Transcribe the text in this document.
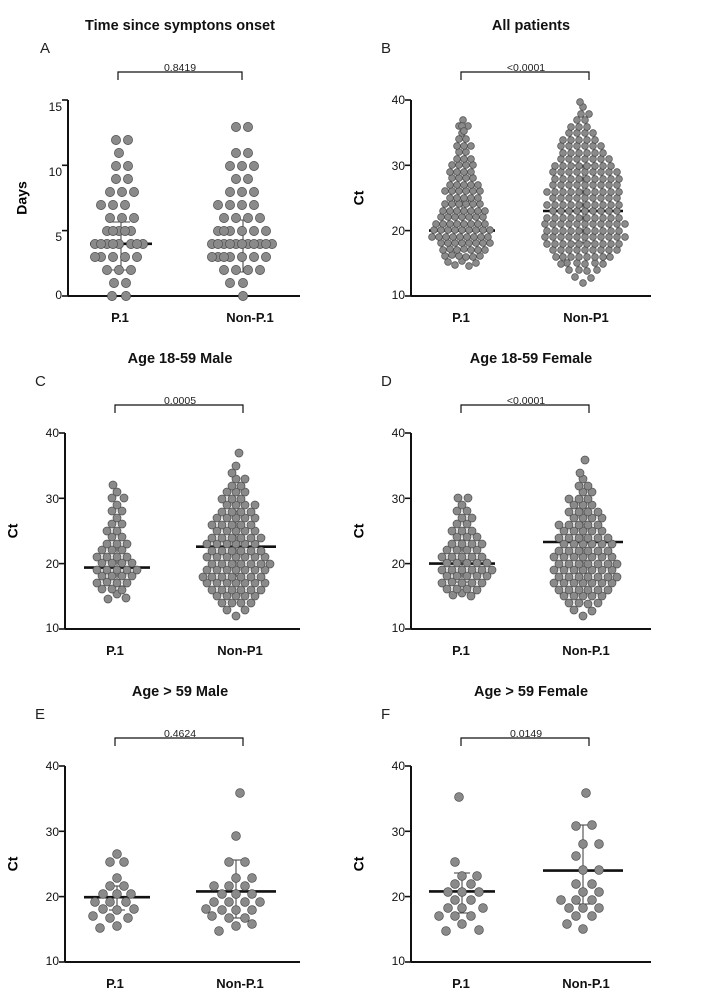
Time since symptons onset
A
0.8419
Days
15
10
5
0
P.1	Non-P.1
All patients
B
<0.0001
Ct
40
30
20
10
P.1	Non-P1
Age 18-59 Male
C
0.0005
Ct
40
30
20
10
P.1	Non-P1
Age 18-59 Female
D
<0.0001
Ct
40
30
20
10
P.1	Non-P.1
Age > 59 Male
E
0.4624
Ct
40
30
20
10
P.1	Non-P.1
Age > 59 Female
F
0.0149
Ct
40
30
20
10
P.1	Non-P.1
